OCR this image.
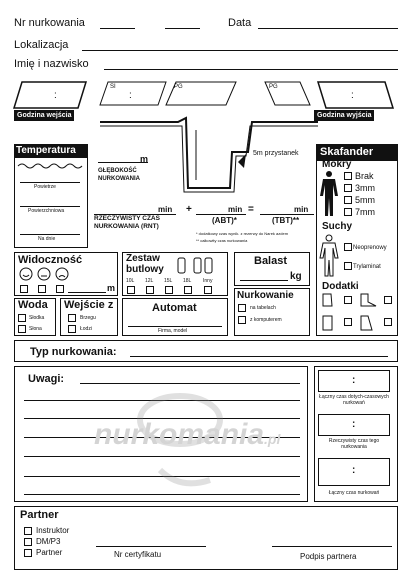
Nr nurkowania	Data
Lokalizacja
Imię i nazwisko
:
Godzina wejścia
SI
:
PG	PG
:
Godzina wyjścia
5m przystanek
m
GŁĘBOKOŚĆ
NURKOWANIA
Temperatura
Powietrze
Powierzchniowa
Na dnie
min +	min =	min
RZECZYWISTY CZAS
NURKOWANIA (RNT)
(ABT)*	(TBT)**
* dodatkowy czas wynik. z rezerwy do Narek azdem
** całkowity czas nurkowania
Widoczność
m
Zestaw
butlowy
10L 12L 15L 18L Inny
Balast
kg
Woda
Słodka
Słona
Wejście z
Brzegu
Łodzi
Automat
Firma, model
Nurkowanie
na tabelach
z komputerem
Skafander
Mokry
Brak
3mm
5mm
7mm
Suchy
Neoprenowy
Trylaminat
Dodatki
Typ nurkowania:
Uwagi:
nurkomania.pl
:
Łączny czas dotych-czasowych nurkowań
:
Rzeczywisty czas tego nurkowania
:
Łączny czas nurkowań
Partner
Instruktor
DM/P3
Partner	Nr certyfikatu	Podpis partnera
